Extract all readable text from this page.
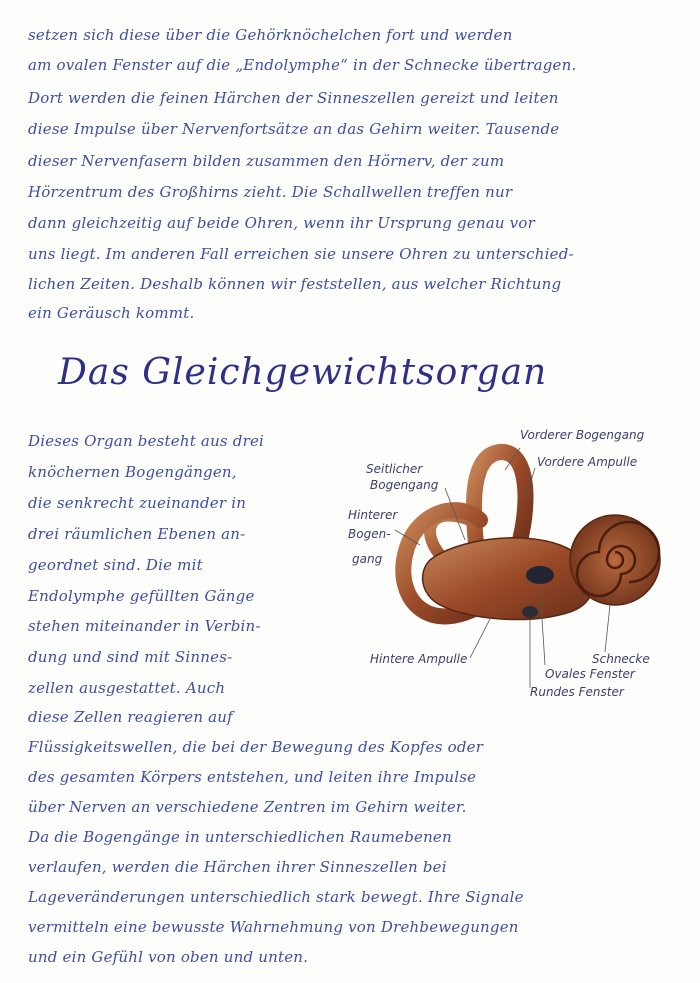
setzen sich diese über die Gehörknöchelchen fort und werden
am ovalen Fenster auf die „Endolymphe“ in der Schnecke übertragen.
Dort werden die feinen Härchen der Sinneszellen gereizt und leiten
diese Impulse über Nervenfortsätze an das Gehirn weiter. Tausende
dieser Nervenfasern bilden zusammen den Hörnerv, der zum
Hörzentrum des Großhirns zieht. Die Schallwellen treffen nur
dann gleichzeitig auf beide Ohren, wenn ihr Ursprung genau vor
uns liegt. Im anderen Fall erreichen sie unsere Ohren zu unterschied-
lichen Zeiten. Deshalb können wir feststellen, aus welcher Richtung
ein Geräusch kommt.
Das Gleichgewichtsorgan
Dieses Organ besteht aus drei
knöchernen Bogengängen,
die senkrecht zueinander in
drei räumlichen Ebenen an-
geordnet sind. Die mit
Endolymphe gefüllten Gänge
stehen miteinander in Verbin-
dung und sind mit Sinnes-
zellen ausgestattet. Auch
diese Zellen reagieren auf
Flüssigkeitswellen, die bei der Bewegung des Kopfes oder
des gesamten Körpers entstehen, und leiten ihre Impulse
über Nerven an verschiedene Zentren im Gehirn weiter.
Da die Bogengänge in unterschiedlichen Raumebenen
verlaufen, werden die Härchen ihrer Sinneszellen bei
Lageveränderungen unterschiedlich stark bewegt. Ihre Signale
vermitteln eine bewusste Wahrnehmung von Drehbewegungen
und ein Gefühl von oben und unten.
Vorderer Bogengang
Vordere Ampulle
Seitlicher
Bogengang
Hinterer
Bogen-
gang
Hintere Ampulle	Schnecke
Ovales Fenster
Rundes Fenster
